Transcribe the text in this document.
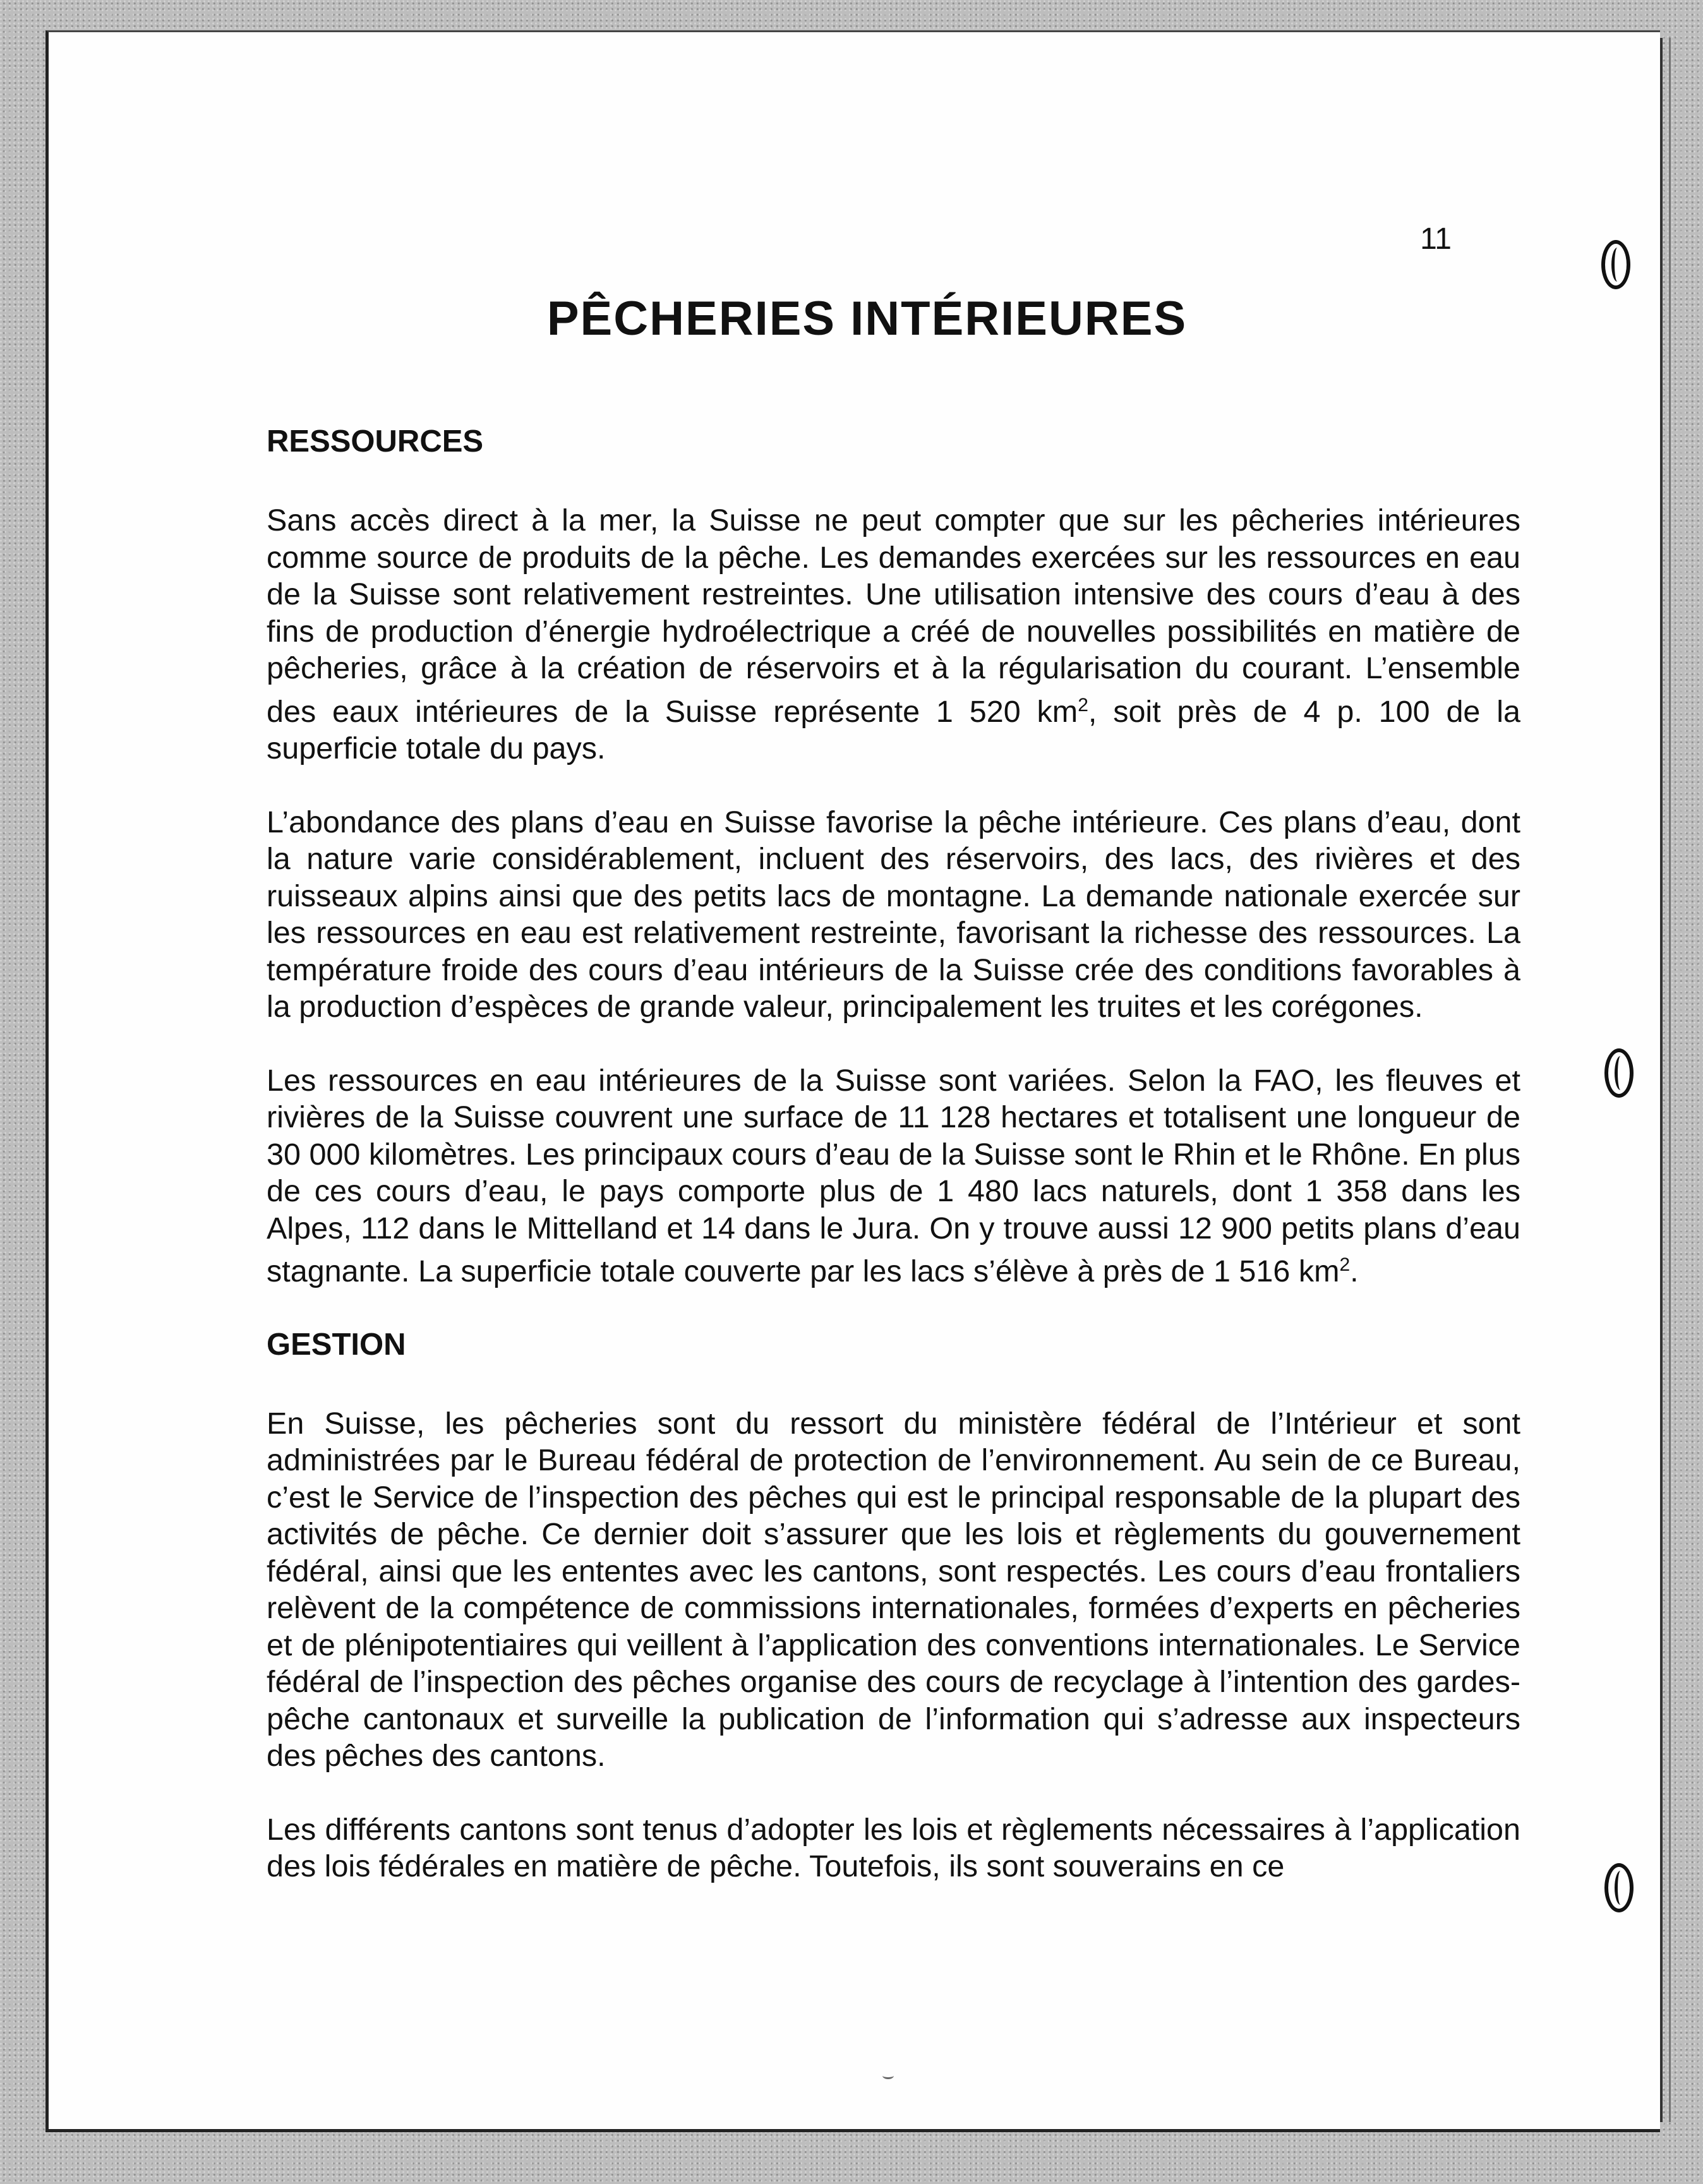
11
PÊCHERIES INTÉRIEURES
RESSOURCES

Sans accès direct à la mer, la Suisse ne peut compter que sur les pêcheries intérieures comme source de produits de la pêche. Les demandes exercées sur les ressources en eau de la Suisse sont relativement restreintes. Une utilisation intensive des cours d’eau à des fins de production d’énergie hydroélectrique a créé de nouvelles possibilités en matière de pêcheries, grâce à la création de réservoirs et à la régularisation du courant. L’ensemble des eaux intérieures de la Suisse représente 1 520 $km^2$, soit près de 4 p. 100 de la superficie totale du pays.

L’abondance des plans d’eau en Suisse favorise la pêche intérieure. Ces plans d’eau, dont la nature varie considérablement, incluent des réservoirs, des lacs, des rivières et des ruisseaux alpins ainsi que des petits lacs de montagne. La demande nationale exercée sur les ressources en eau est relativement restreinte, favorisant la richesse des ressources. La température froide des cours d’eau intérieurs de la Suisse crée des conditions favorables à la production d’espèces de grande valeur, principalement les truites et les corégones.

Les ressources en eau intérieures de la Suisse sont variées. Selon la FAO, les fleuves et rivières de la Suisse couvrent une surface de 11 128 hectares et totalisent une longueur de 30 000 kilomètres. Les principaux cours d’eau de la Suisse sont le Rhin et le Rhône. En plus de ces cours d’eau, le pays comporte plus de 1 480 lacs naturels, dont 1 358 dans les Alpes, 112 dans le Mittelland et 14 dans le Jura. On y trouve aussi 12 900 petits plans d’eau stagnante. La superficie totale couverte par les lacs s’élève à près de 1 516 $km^2$.

GESTION

En Suisse, les pêcheries sont du ressort du ministère fédéral de l’Intérieur et sont administrées par le Bureau fédéral de protection de l’environnement. Au sein de ce Bureau, c’est le Service de l’inspection des pêches qui est le principal responsable de la plupart des activités de pêche. Ce dernier doit s’assurer que les lois et règlements du gouvernement fédéral, ainsi que les ententes avec les cantons, sont respectés. Les cours d’eau frontaliers relèvent de la compétence de commissions internationales, formées d’experts en pêcheries et de plénipotentiaires qui veillent à l’application des conventions internationales. Le Service fédéral de l’inspection des pêches organise des cours de recyclage à l’intention des gardes-pêche cantonaux et surveille la publication de l’information qui s’adresse aux inspecteurs des pêches des cantons.

Les différents cantons sont tenus d’adopter les lois et règlements nécessaires à l’application des lois fédérales en matière de pêche. Toutefois, ils sont souverains en ce
